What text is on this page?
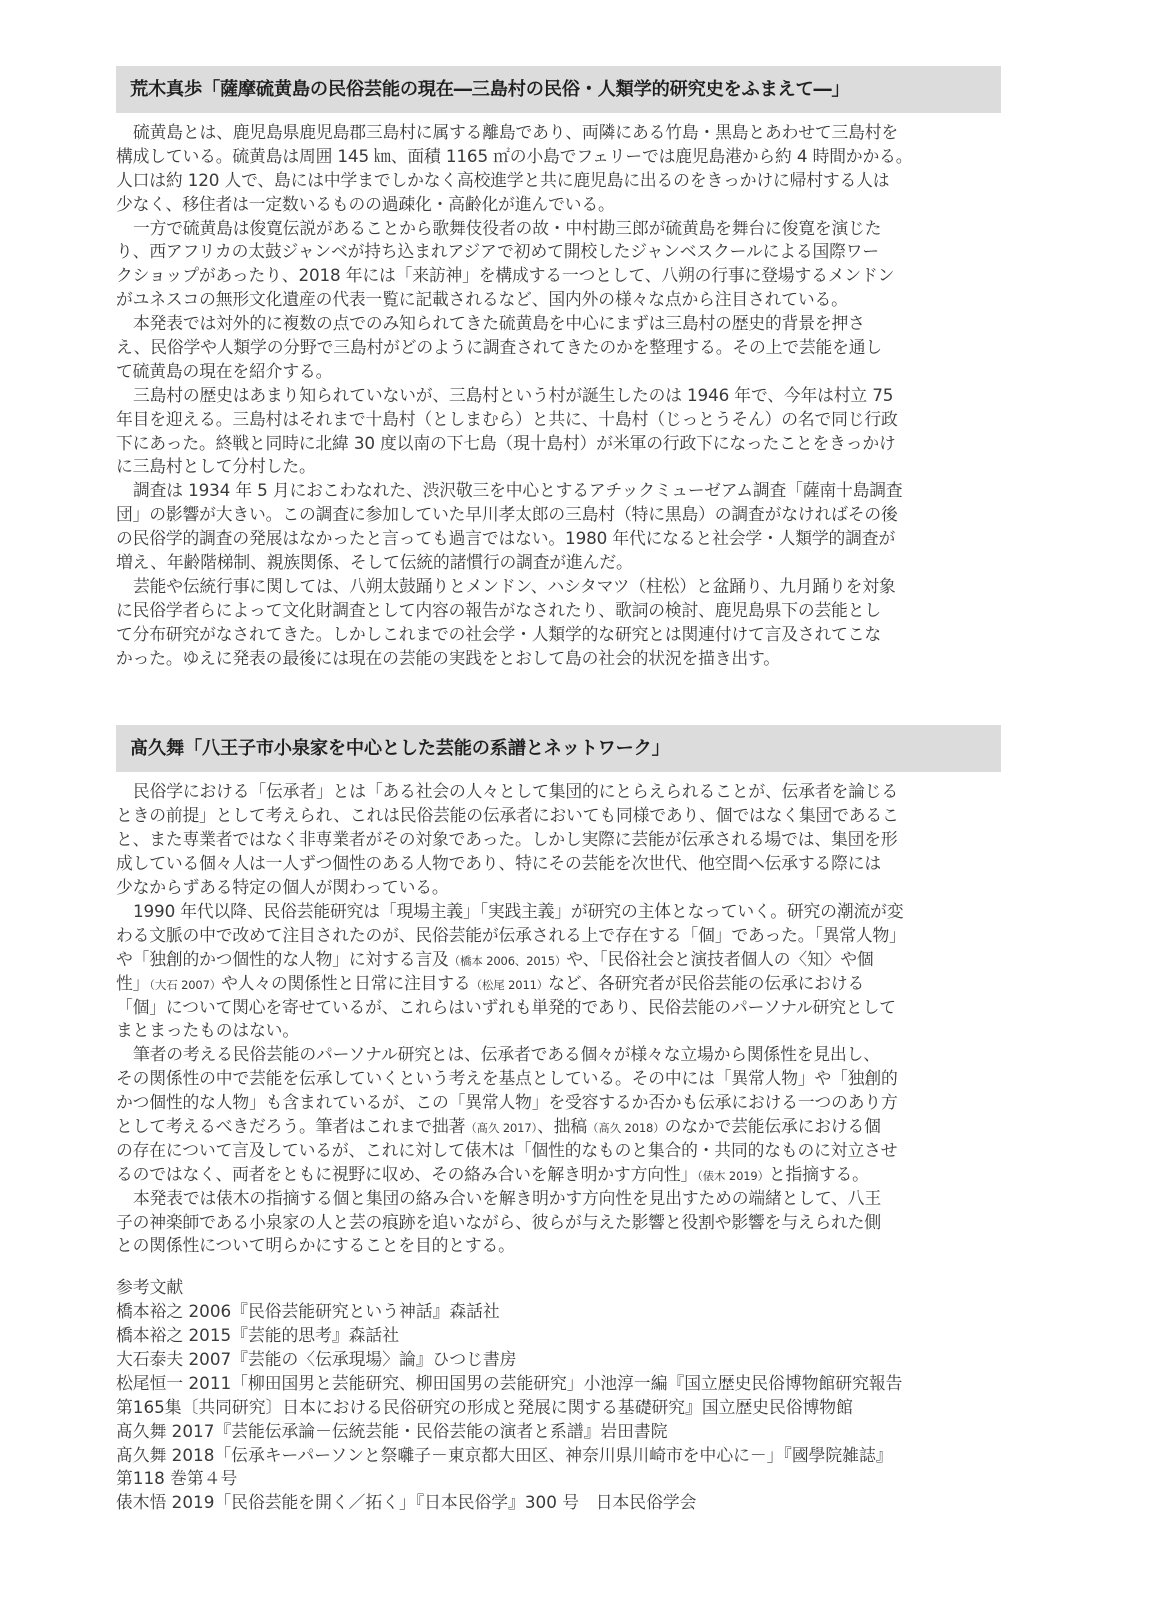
荒木真歩「薩摩硫黄島の民俗芸能の現在―三島村の民俗・人類学的研究史をふまえて―」
硫黄島とは、鹿児島県鹿児島郡三島村に属する離島であり、両隣にある竹島・黒島とあわせて三島村を
構成している。硫黄島は周囲 145 ㎞、面積 1165 ㎡の小島でフェリーでは鹿児島港から約 4 時間かかる。
人口は約 120 人で、島には中学までしかなく高校進学と共に鹿児島に出るのをきっかけに帰村する人は
少なく、移住者は一定数いるものの過疎化・高齢化が進んでいる。
一方で硫黄島は俊寛伝説があることから歌舞伎役者の故・中村勘三郎が硫黄島を舞台に俊寛を演じた
り、西アフリカの太鼓ジャンベが持ち込まれアジアで初めて開校したジャンベスクールによる国際ワー
クショップがあったり、2018 年には「来訪神」を構成する一つとして、八朔の行事に登場するメンドン
がユネスコの無形文化遺産の代表一覧に記載されるなど、国内外の様々な点から注目されている。
本発表では対外的に複数の点でのみ知られてきた硫黄島を中心にまずは三島村の歴史的背景を押さ
え、民俗学や人類学の分野で三島村がどのように調査されてきたのかを整理する。その上で芸能を通し
て硫黄島の現在を紹介する。
三島村の歴史はあまり知られていないが、三島村という村が誕生したのは 1946 年で、今年は村立 75
年目を迎える。三島村はそれまで十島村（としまむら）と共に、十島村（じっとうそん）の名で同じ行政
下にあった。終戦と同時に北緯 30 度以南の下七島（現十島村）が米軍の行政下になったことをきっかけ
に三島村として分村した。
調査は 1934 年 5 月におこわなれた、渋沢敬三を中心とするアチックミューゼアム調査「薩南十島調査
団」の影響が大きい。この調査に参加していた早川孝太郎の三島村（特に黒島）の調査がなければその後
の民俗学的調査の発展はなかったと言っても過言ではない。1980 年代になると社会学・人類学的調査が
増え、年齢階梯制、親族関係、そして伝統的諸慣行の調査が進んだ。
芸能や伝統行事に関しては、八朔太鼓踊りとメンドン、ハシタマツ（柱松）と盆踊り、九月踊りを対象
に民俗学者らによって文化財調査として内容の報告がなされたり、歌詞の検討、鹿児島県下の芸能とし
て分布研究がなされてきた。しかしこれまでの社会学・人類学的な研究とは関連付けて言及されてこな
かった。ゆえに発表の最後には現在の芸能の実践をとおして島の社会的状況を描き出す。
髙久舞「八王子市小泉家を中心とした芸能の系譜とネットワーク」
民俗学における「伝承者」とは「ある社会の人々として集団的にとらえられることが、伝承者を論じる
ときの前提」として考えられ、これは民俗芸能の伝承者においても同様であり、個ではなく集団であるこ
と、また専業者ではなく非専業者がその対象であった。しかし実際に芸能が伝承される場では、集団を形
成している個々人は一人ずつ個性のある人物であり、特にその芸能を次世代、他空間へ伝承する際には
少なからずある特定の個人が関わっている。
1990 年代以降、民俗芸能研究は「現場主義」「実践主義」が研究の主体となっていく。研究の潮流が変
わる文脈の中で改めて注目されたのが、民俗芸能が伝承される上で存在する「個」であった。「異常人物」
や「独創的かつ個性的な人物」に対する言及（橋本 2006、2015）や、「民俗社会と演技者個人の〈知〉や個
性」（大石 2007）や人々の関係性と日常に注目する（松尾 2011）など、各研究者が民俗芸能の伝承における
「個」について関心を寄せているが、これらはいずれも単発的であり、民俗芸能のパーソナル研究として
まとまったものはない。
筆者の考える民俗芸能のパーソナル研究とは、伝承者である個々が様々な立場から関係性を見出し、
その関係性の中で芸能を伝承していくという考えを基点としている。その中には「異常人物」や「独創的
かつ個性的な人物」も含まれているが、この「異常人物」を受容するか否かも伝承における一つのあり方
として考えるべきだろう。筆者はこれまで拙著（髙久 2017）、拙稿（髙久 2018）のなかで芸能伝承における個
の存在について言及しているが、これに対して俵木は「個性的なものと集合的・共同的なものに対立させ
るのではなく、両者をともに視野に収め、その絡み合いを解き明かす方向性」（俵木 2019）と指摘する。
本発表では俵木の指摘する個と集団の絡み合いを解き明かす方向性を見出すための端緒として、八王
子の神楽師である小泉家の人と芸の痕跡を追いながら、彼らが与えた影響と役割や影響を与えられた側
との関係性について明らかにすることを目的とする。
参考文献
橋本裕之 2006『民俗芸能研究という神話』森話社
橋本裕之 2015『芸能的思考』森話社
大石泰夫 2007『芸能の〈伝承現場〉論』ひつじ書房
松尾恒一 2011「柳田国男と芸能研究、柳田国男の芸能研究」小池淳一編『国立歴史民俗博物館研究報告
第165集〔共同研究〕日本における民俗研究の形成と発展に関する基礎研究』国立歴史民俗博物館
髙久舞 2017『芸能伝承論－伝統芸能・民俗芸能の演者と系譜』岩田書院
髙久舞 2018「伝承キーパーソンと祭囃子－東京都大田区、神奈川県川崎市を中心に－」『國學院雑誌』
第118 巻第４号
俵木悟 2019「民俗芸能を開く／拓く」『日本民俗学』300 号　日本民俗学会
